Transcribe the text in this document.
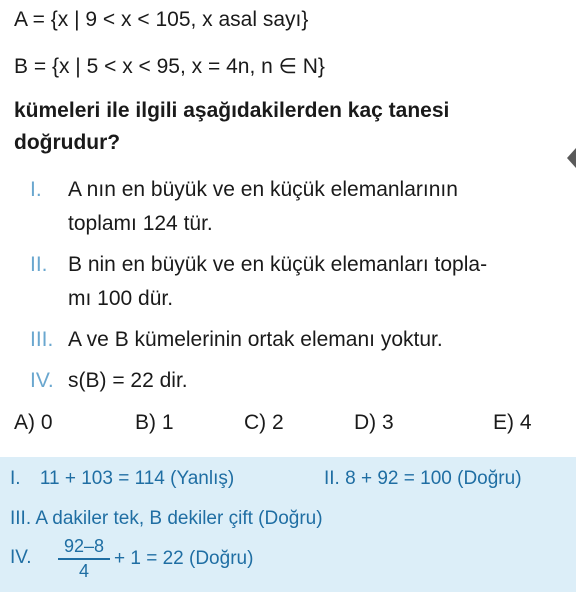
A = {x | 9 < x < 105, x asal sayı}
B = {x | 5 < x < 95, x = 4n, n ∈ N}
kümeleri ile ilgili aşağıdakilerden kaç tanesi
doğrudur?
I. A nın en büyük ve en küçük elemanlarının
toplamı 124 tür.
II. B nin en büyük ve en küçük elemanları topla-
mı 100 dür.
III. A ve B kümelerinin ortak elemanı yoktur.
IV. s(B) = 22 dir.
A) 0	B) 1	C) 2	D) 3	E) 4
I. 11 + 103 = 114 (Yanlış)	II. 8 + 92 = 100 (Doğru)
III. A dakiler tek, B dekiler çift (Doğru)
IV.
92–8
4
+ 1 = 22 (Doğru)
